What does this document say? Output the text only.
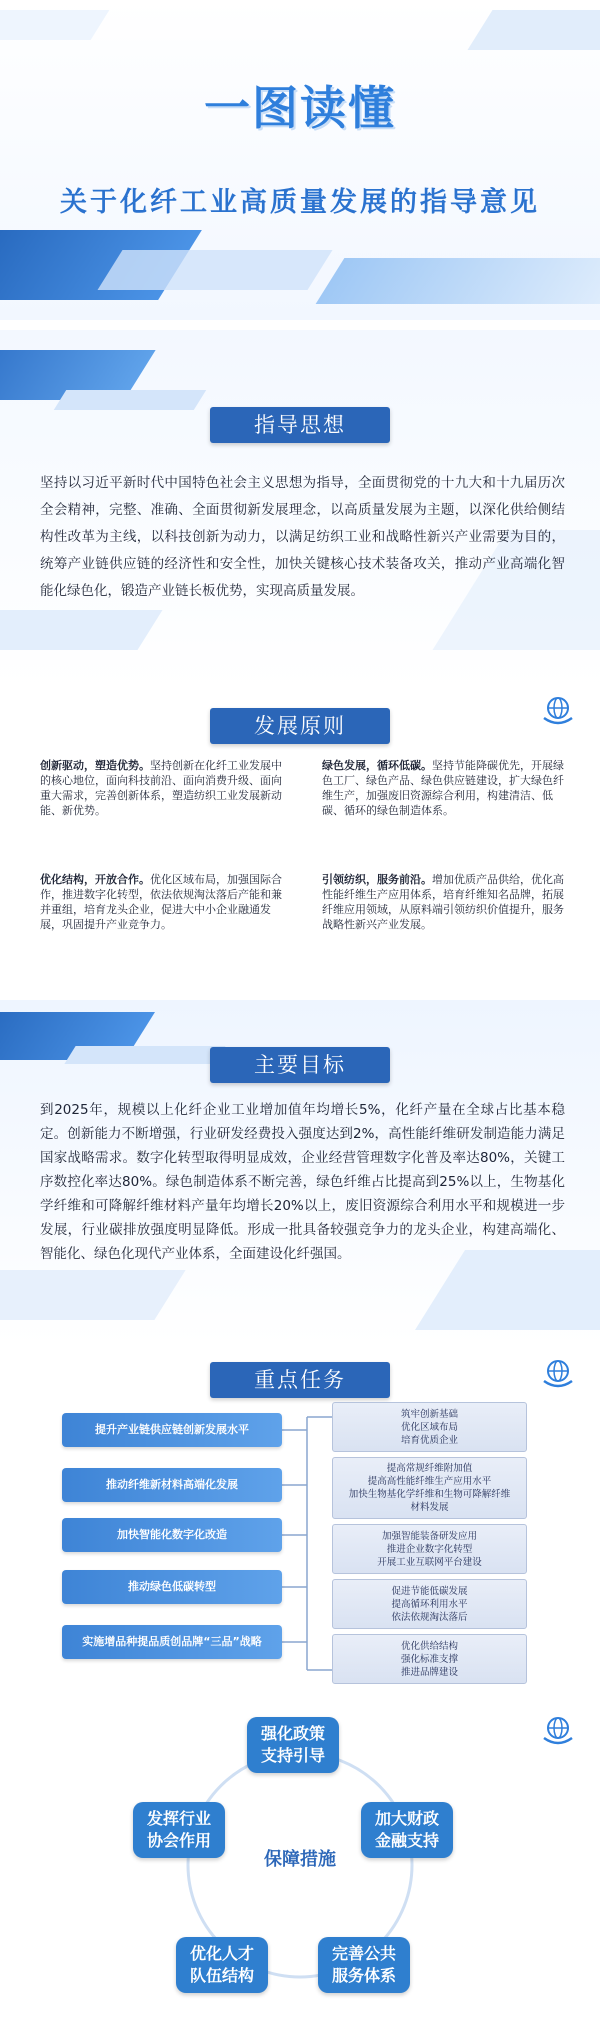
一图读懂
关于化纤工业高质量发展的指导意见
指导思想
坚持以习近平新时代中国特色社会主义思想为指导，全面贯彻党的十九大和十九届历次全会精神，完整、准确、全面贯彻新发展理念，以高质量发展为主题，以深化供给侧结构性改革为主线，以科技创新为动力，以满足纺织工业和战略性新兴产业需要为目的，统筹产业链供应链的经济性和安全性，加快关键核心技术装备攻关，推动产业高端化智能化绿色化，锻造产业链长板优势，实现高质量发展。
发展原则
创新驱动，塑造优势。坚持创新在化纤工业发展中的核心地位，面向科技前沿、面向消费升级、面向重大需求，完善创新体系，塑造纺织工业发展新动能、新优势。
绿色发展，循环低碳。坚持节能降碳优先，开展绿色工厂、绿色产品、绿色供应链建设，扩大绿色纤维生产，加强废旧资源综合利用，构建清洁、低碳、循环的绿色制造体系。
优化结构，开放合作。优化区域布局，加强国际合作，推进数字化转型，依法依规淘汰落后产能和兼并重组，培育龙头企业，促进大中小企业融通发展，巩固提升产业竞争力。
引领纺织，服务前沿。增加优质产品供给，优化高性能纤维生产应用体系，培育纤维知名品牌，拓展纤维应用领域，从原料端引领纺织价值提升，服务战略性新兴产业发展。
主要目标
到2025年，规模以上化纤企业工业增加值年均增长5%，化纤产量在全球占比基本稳定。创新能力不断增强，行业研发经费投入强度达到2%，高性能纤维研发制造能力满足国家战略需求。数字化转型取得明显成效，企业经营管理数字化普及率达80%，关键工序数控化率达80%。绿色制造体系不断完善，绿色纤维占比提高到25%以上，生物基化学纤维和可降解纤维材料产量年均增长20%以上，废旧资源综合利用水平和规模进一步发展，行业碳排放强度明显降低。形成一批具备较强竞争力的龙头企业，构建高端化、智能化、绿色化现代产业体系，全面建设化纤强国。
重点任务
提升产业链供应链创新发展水平
推动纤维新材料高端化发展
加快智能化数字化改造
推动绿色低碳转型
实施增品种提品质创品牌“三品”战略
筑牢创新基础
优化区域布局
培育优质企业
提高常规纤维附加值
提高高性能纤维生产应用水平
加快生物基化学纤维和生物可降解纤维
材料发展
加强智能装备研发应用
推进企业数字化转型
开展工业互联网平台建设
促进节能低碳发展
提高循环利用水平
依法依规淘汰落后
优化供给结构
强化标准支撑
推进品牌建设
强化政策
支持引导
加大财政
金融支持
完善公共
服务体系
优化人才
队伍结构
发挥行业
协会作用
保障措施
